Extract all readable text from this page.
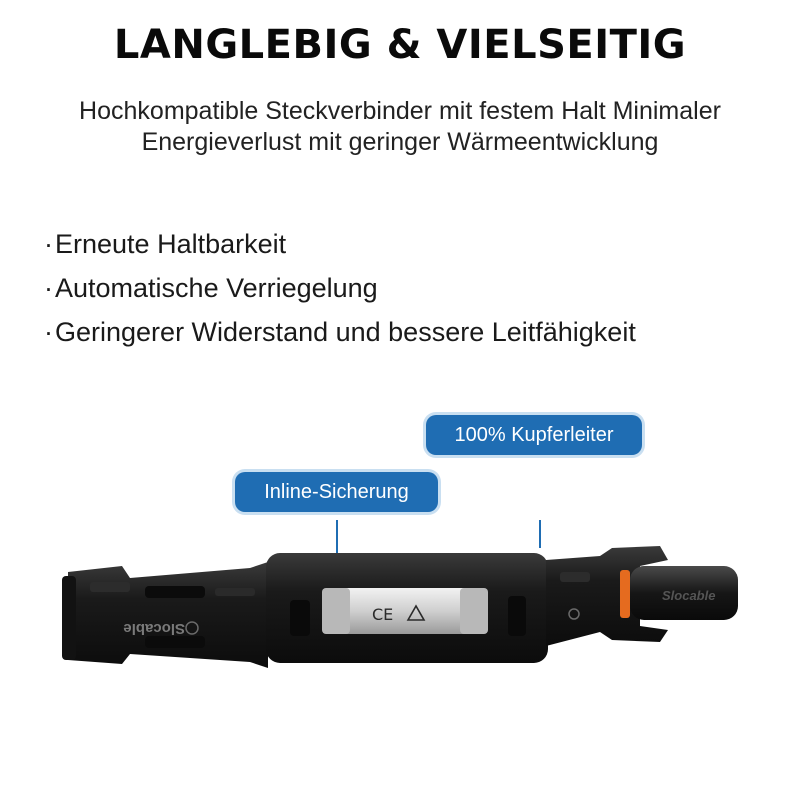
LANGLEBIG & VIELSEITIG
Hochkompatible Steckverbinder mit festem Halt Minimaler Energieverlust mit geringer Wärmeentwicklung
·Erneute Haltbarkeit
·Automatische Verriegelung
·Geringerer Widerstand und bessere Leitfähigkeit
Slocable
CE
Slocable
100% Kupferleiter
Inline-Sicherung
